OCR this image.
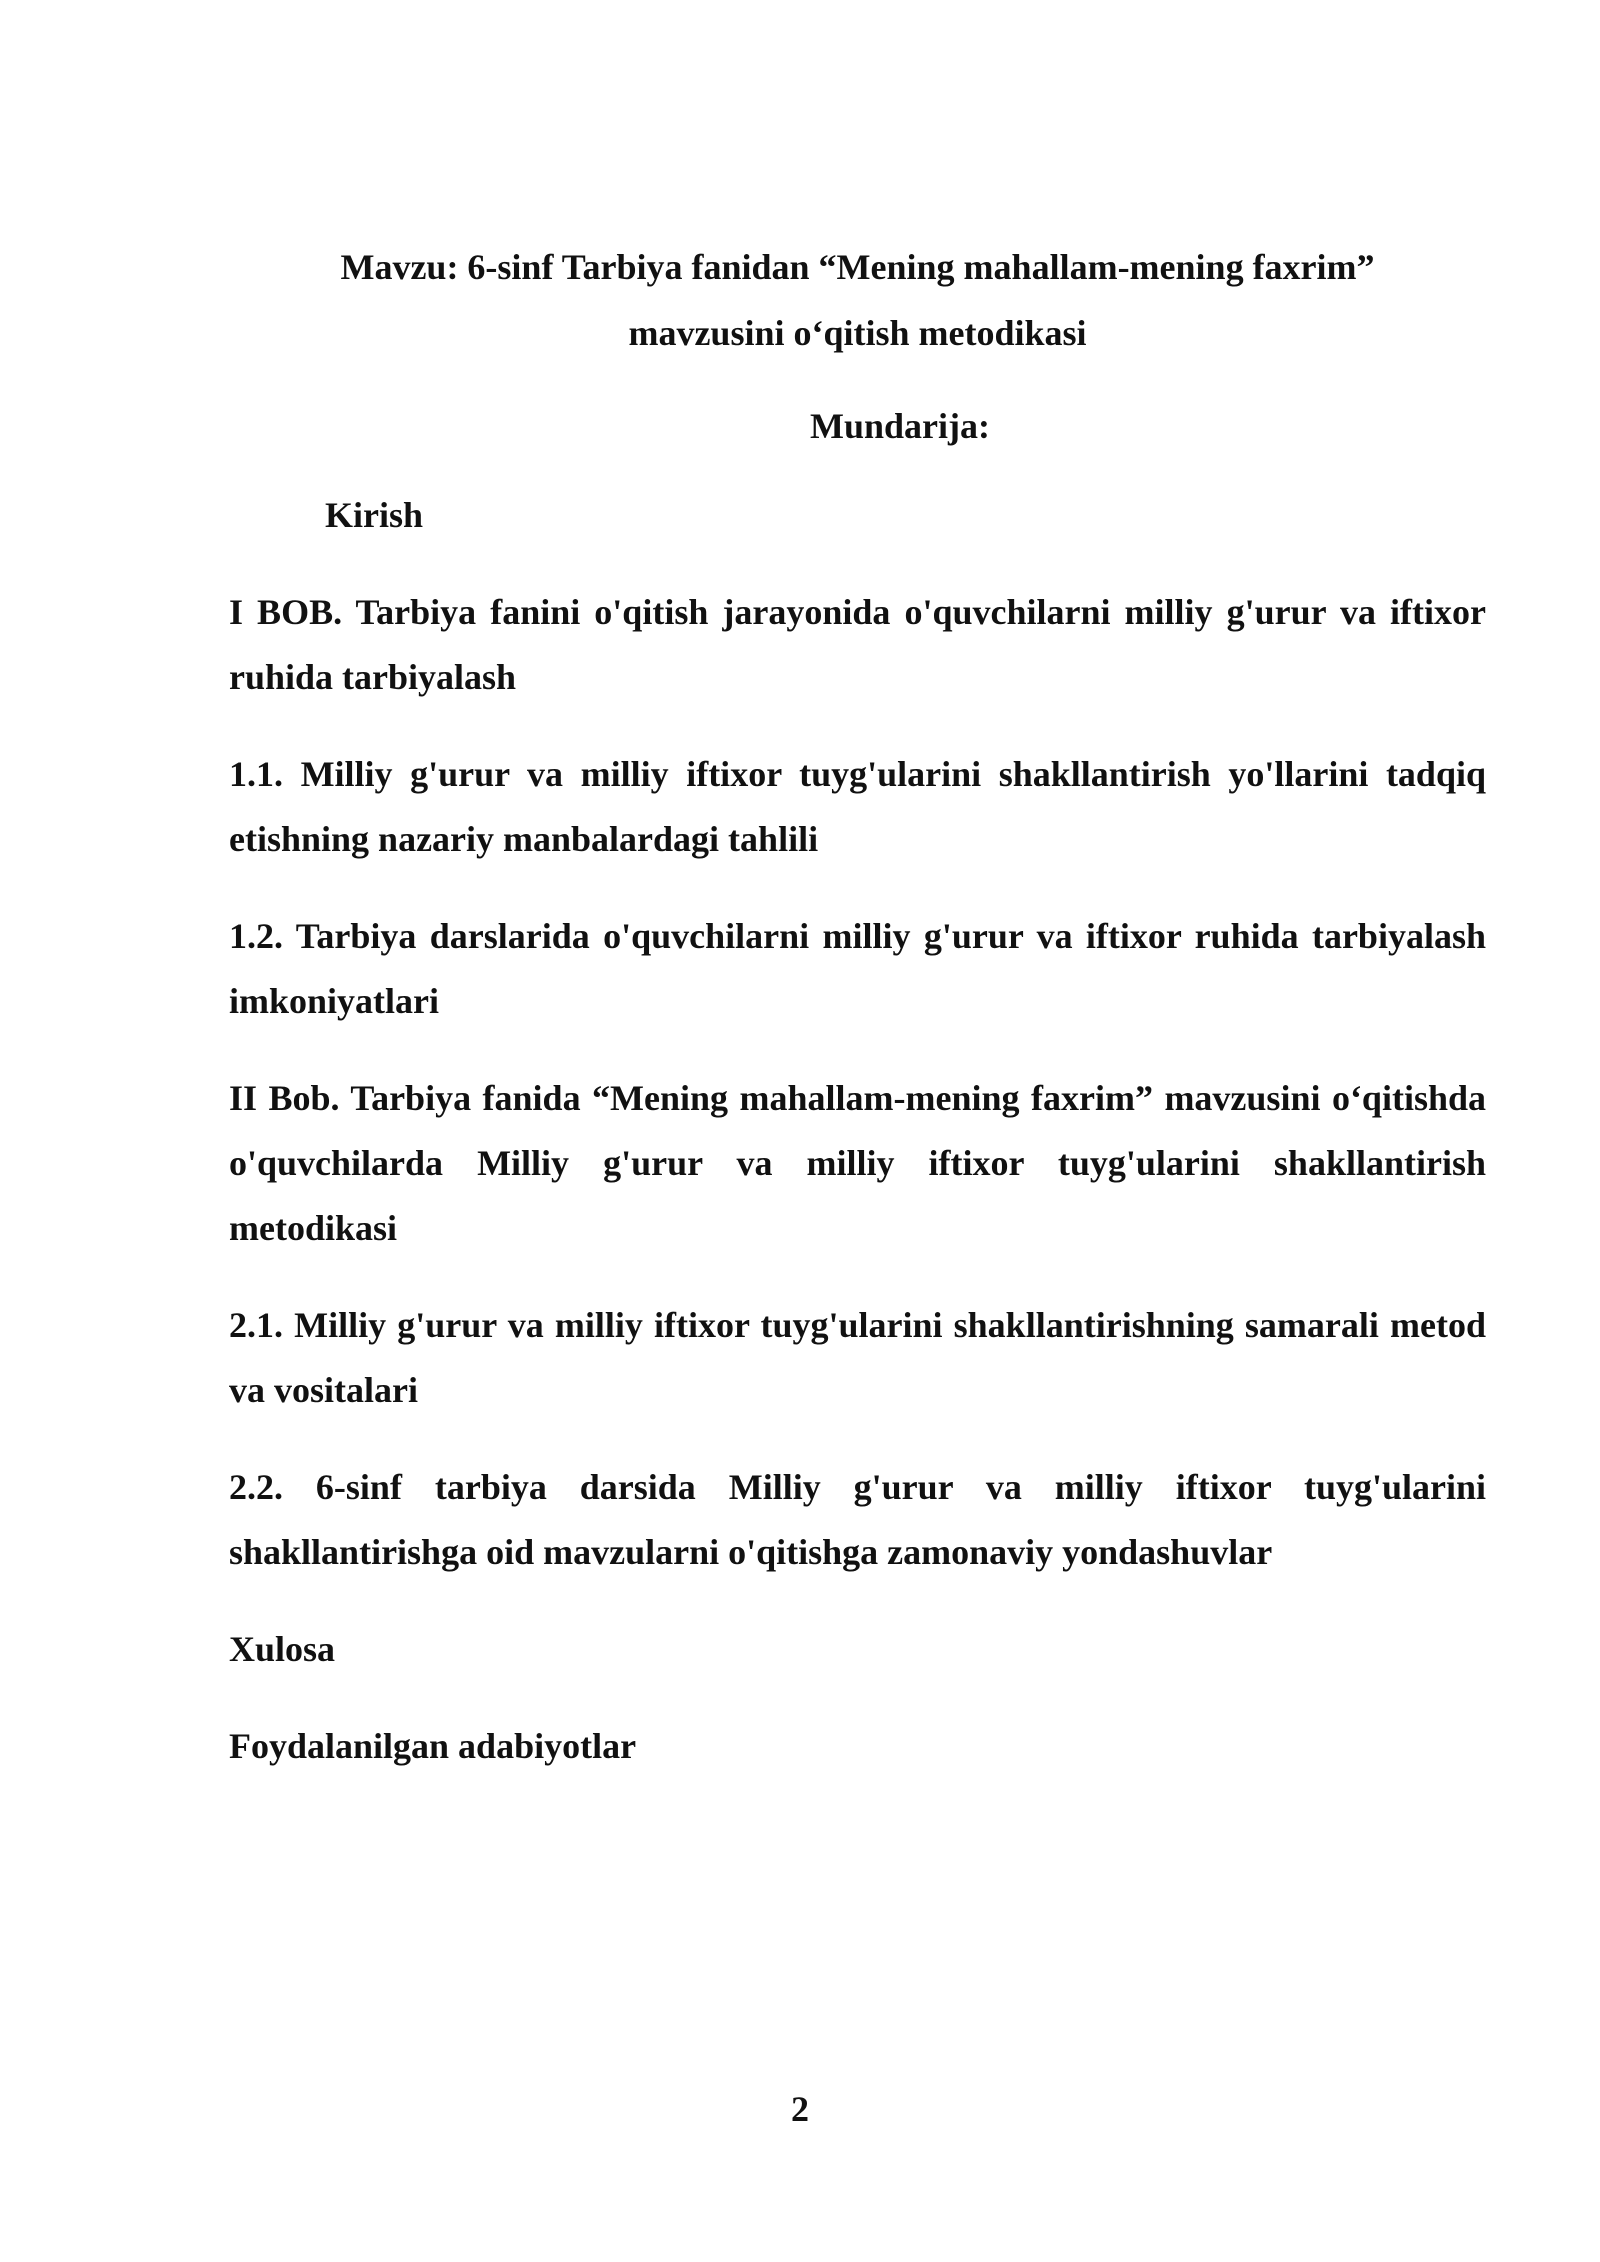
Mavzu: 6-sinf Tarbiya fanidan “Mening mahallam-mening faxrim”
mavzusini o‘qitish metodikasi
Mundarija:
Kirish
I BOB. Tarbiya fanini o'qitish jarayonida o'quvchilarni milliy g'urur va iftixor ruhida tarbiyalash
1.1. Milliy g'urur va milliy iftixor tuyg'ularini shakllantirish yo'llarini tadqiq etishning nazariy manbalardagi tahlili
1.2. Tarbiya darslarida o'quvchilarni milliy g'urur va iftixor ruhida tarbiyalash imkoniyatlari
II Bob. Tarbiya fanida “Mening mahallam-mening faxrim” mavzusini o‘qitishda o'quvchilarda Milliy g'urur va milliy iftixor tuyg'ularini shakllantirish metodikasi
2.1. Milliy g'urur va milliy iftixor tuyg'ularini shakllantirishning samarali metod va vositalari
2.2. 6-sinf tarbiya darsida Milliy g'urur va milliy iftixor tuyg'ularini shakllantirishga oid mavzularni o'qitishga zamonaviy yondashuvlar
Xulosa
Foydalanilgan adabiyotlar
2
